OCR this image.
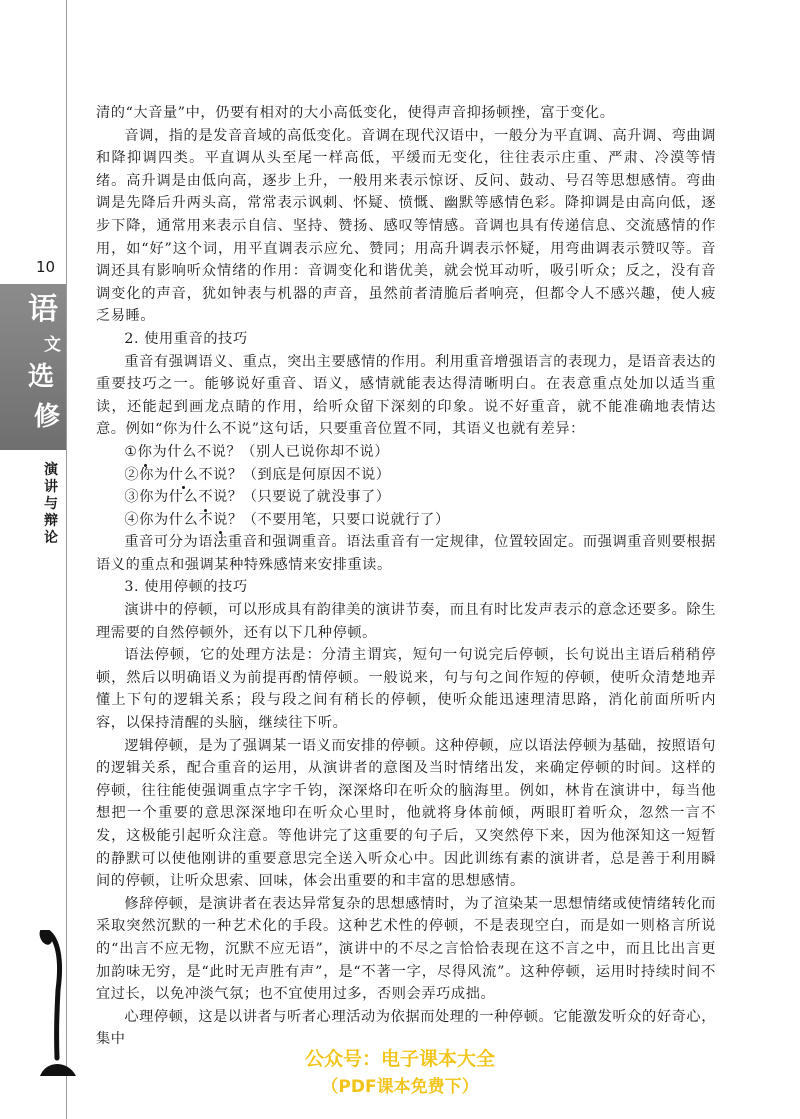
10
语
文
选
修
演
讲
与
辩
论

清的“大音量”中，仍要有相对的大小高低变化，使得声音抑扬顿挫，富于变化。

音调，指的是发音音域的高低变化。音调在现代汉语中，一般分为平直调、高升调、弯曲调和降抑调四类。平直调从头至尾一样高低，平缓而无变化，往往表示庄重、严肃、冷漠等情绪。高升调是由低向高，逐步上升，一般用来表示惊讶、反问、鼓动、号召等思想感情。弯曲调是先降后升两头高，常常表示讽刺、怀疑、愤慨、幽默等感情色彩。降抑调是由高向低，逐步下降，通常用来表示自信、坚持、赞扬、感叹等情感。音调也具有传递信息、交流感情的作用，如“好”这个词，用平直调表示应允、赞同；用高升调表示怀疑，用弯曲调表示赞叹等。音调还具有影响听众情绪的作用：音调变化和谐优美，就会悦耳动听，吸引听众；反之，没有音调变化的声音，犹如钟表与机器的声音，虽然前者清脆后者响亮，但都令人不感兴趣，使人疲乏易睡。

2. 使用重音的技巧

重音有强调语义、重点，突出主要感情的作用。利用重音增强语言的表现力，是语音表达的重要技巧之一。能够说好重音、语义，感情就能表达得清晰明白。在表意重点处加以适当重读，还能起到画龙点睛的作用，给听众留下深刻的印象。说不好重音，就不能准确地表情达意。例如“你为什么不说”这句话，只要重音位置不同，其语义也就有差异：

①你为什么不说？（别人已说你却不说）

②你为什么不说？（到底是何原因不说）

③你为什么不说？（只要说了就没事了）

④你为什么不说？（不要用笔，只要口说就行了）

重音可分为语法重音和强调重音。语法重音有一定规律，位置较固定。而强调重音则要根据语义的重点和强调某种特殊感情来安排重读。

3. 使用停顿的技巧

演讲中的停顿，可以形成具有韵律美的演讲节奏，而且有时比发声表示的意念还要多。除生理需要的自然停顿外，还有以下几种停顿。

语法停顿，它的处理方法是：分清主谓宾，短句一句说完后停顿，长句说出主语后稍稍停顿，然后以明确语义为前提再酌情停顿。一般说来，句与句之间作短的停顿，使听众清楚地弄懂上下句的逻辑关系；段与段之间有稍长的停顿，使听众能迅速理清思路，消化前面所听内容，以保持清醒的头脑，继续往下听。

逻辑停顿，是为了强调某一语义而安排的停顿。这种停顿，应以语法停顿为基础，按照语句的逻辑关系，配合重音的运用，从演讲者的意图及当时情绪出发，来确定停顿的时间。这样的停顿，往往能使强调重点字字千钧，深深烙印在听众的脑海里。例如，林肯在演讲中，每当他想把一个重要的意思深深地印在听众心里时，他就将身体前倾，两眼盯着听众，忽然一言不发，这极能引起听众注意。等他讲完了这重要的句子后，又突然停下来，因为他深知这一短暂的静默可以使他刚讲的重要意思完全送入听众心中。因此训练有素的演讲者，总是善于利用瞬间的停顿，让听众思索、回味，体会出重要的和丰富的思想感情。

修辞停顿，是演讲者在表达异常复杂的思想感情时，为了渲染某一思想情绪或使情绪转化而采取突然沉默的一种艺术化的手段。这种艺术性的停顿，不是表现空白，而是如一则格言所说的“出言不应无物，沉默不应无语”，演讲中的不尽之言恰恰表现在这不言之中，而且比出言更加韵味无穷，是“此时无声胜有声”，是“不著一字，尽得风流”。这种停顿，运用时持续时间不宜过长，以免冲淡气氛；也不宜使用过多，否则会弄巧成拙。

心理停顿，这是以讲者与听者心理活动为依据而处理的一种停顿。它能激发听众的好奇心，集中

公众号：电子课本大全
（PDF课本免费下）
